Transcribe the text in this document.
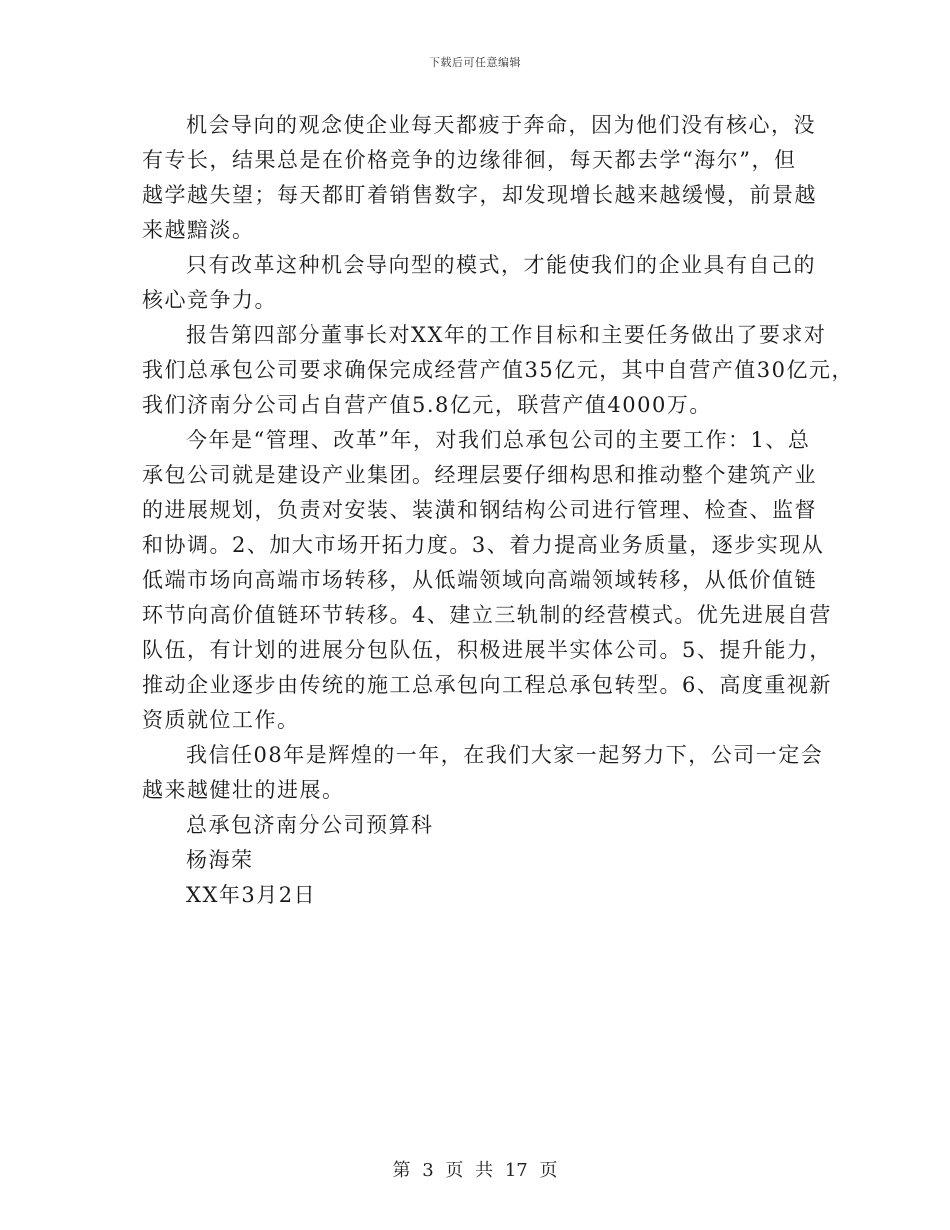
下载后可任意编辑
机会导向的观念使企业每天都疲于奔命，因为他们没有核心，没
有专长，结果总是在价格竞争的边缘徘徊，每天都去学“海尔”，但
越学越失望；每天都盯着销售数字，却发现增长越来越缓慢，前景越
来越黯淡。
只有改革这种机会导向型的模式，才能使我们的企业具有自己的
核心竞争力。
报告第四部分董事长对XX年的工作目标和主要任务做出了要求对
我们总承包公司要求确保完成经营产值35亿元，其中自营产值30亿元，
我们济南分公司占自营产值5.8亿元，联营产值4000万。
今年是“管理、改革”年，对我们总承包公司的主要工作：1、总
承包公司就是建设产业集团。经理层要仔细构思和推动整个建筑产业
的进展规划，负责对安装、装潢和钢结构公司进行管理、检查、监督
和协调。2、加大市场开拓力度。3、着力提高业务质量，逐步实现从
低端市场向高端市场转移，从低端领域向高端领域转移，从低价值链
环节向高价值链环节转移。4、建立三轨制的经营模式。优先进展自营
队伍，有计划的进展分包队伍，积极进展半实体公司。5、提升能力，
推动企业逐步由传统的施工总承包向工程总承包转型。6、高度重视新
资质就位工作。
我信任08年是辉煌的一年，在我们大家一起努力下，公司一定会
越来越健壮的进展。
总承包济南分公司预算科
杨海荣
XX年3月2日
第 3 页 共 17 页
